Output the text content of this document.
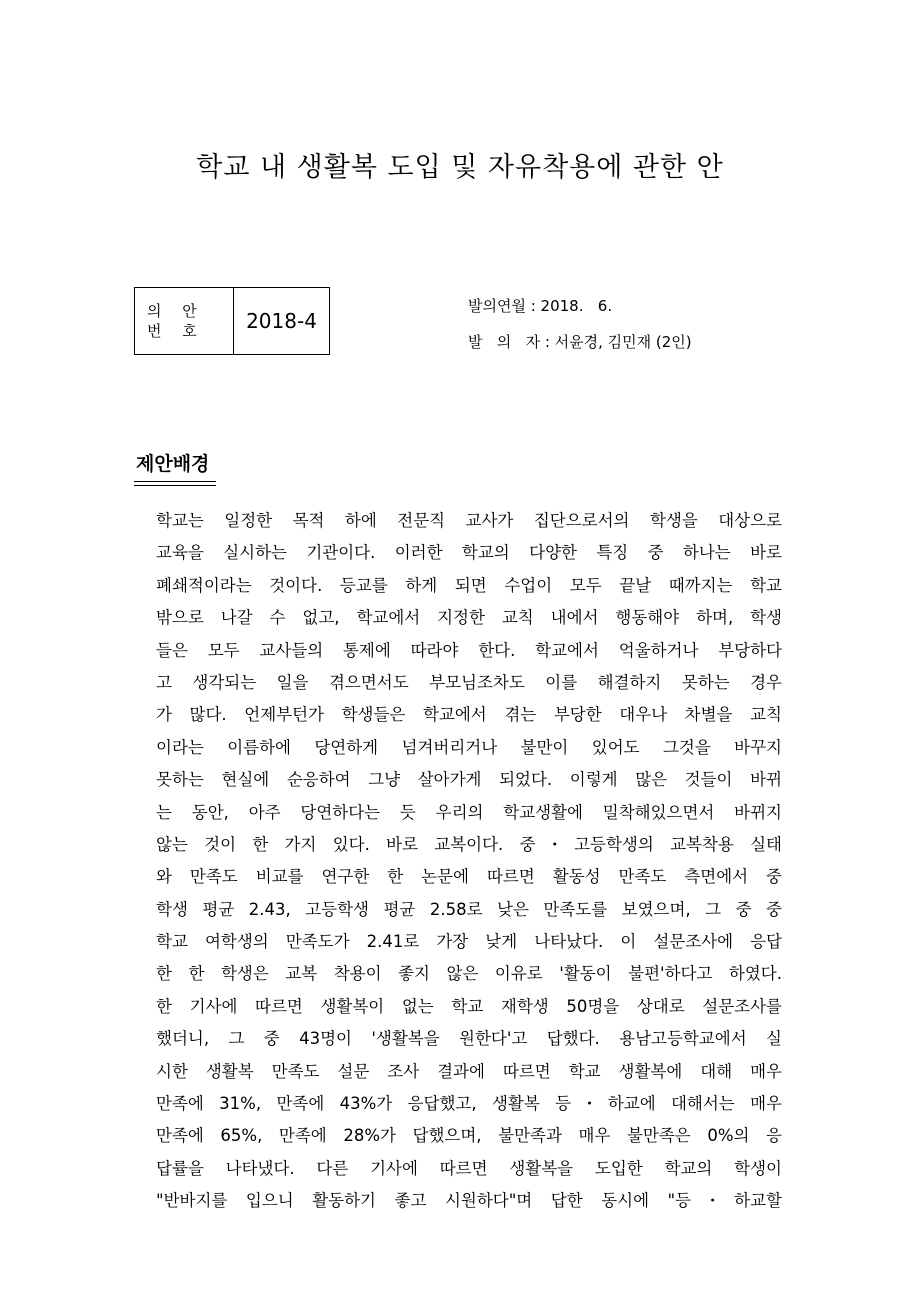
학교 내 생활복 도입 및 자유착용에 관한 안
의 안
번 호	2018-4
발의연월 : 2018.   6.
발   의   자 : 서윤경, 김민재 (2인)
제안배경
학교는 일정한 목적 하에 전문직 교사가 집단으로서의 학생을 대상으로
교육을 실시하는 기관이다. 이러한 학교의 다양한 특징 중 하나는 바로
폐쇄적이라는 것이다. 등교를 하게 되면 수업이 모두 끝날 때까지는 학교
밖으로 나갈 수 없고, 학교에서 지정한 교칙 내에서 행동해야 하며, 학생
들은 모두 교사들의 통제에 따라야 한다. 학교에서 억울하거나 부당하다
고 생각되는 일을 겪으면서도 부모님조차도 이를 해결하지 못하는 경우
가 많다. 언제부턴가 학생들은 학교에서 겪는 부당한 대우나 차별을 교칙
이라는 이름하에 당연하게 넘겨버리거나 불만이 있어도 그것을 바꾸지
못하는 현실에 순응하여 그냥 살아가게 되었다. 이렇게 많은 것들이 바뀌
는 동안, 아주 당연하다는 듯 우리의 학교생활에 밀착해있으면서 바뀌지
않는 것이 한 가지 있다. 바로 교복이다. 중・고등학생의 교복착용 실태
와 만족도 비교를 연구한 한 논문에 따르면 활동성 만족도 측면에서 중
학생 평균 2.43, 고등학생 평균 2.58로 낮은 만족도를 보였으며, 그 중 중
학교 여학생의 만족도가 2.41로 가장 낮게 나타났다. 이 설문조사에 응답
한 한 학생은 교복 착용이 좋지 않은 이유로 '활동이 불편'하다고 하였다.
한 기사에 따르면 생활복이 없는 학교 재학생 50명을 상대로 설문조사를
했더니, 그 중 43명이 '생활복을 원한다'고 답했다. 용남고등학교에서 실
시한 생활복 만족도 설문 조사 결과에 따르면 학교 생활복에 대해 매우
만족에 31%, 만족에 43%가 응답했고, 생활복 등・하교에 대해서는 매우
만족에 65%, 만족에 28%가 답했으며, 불만족과 매우 불만족은 0%의 응
답률을 나타냈다. 다른 기사에 따르면 생활복을 도입한 학교의 학생이
"반바지를 입으니 활동하기 좋고 시원하다"며 답한 동시에 "등・하교할
